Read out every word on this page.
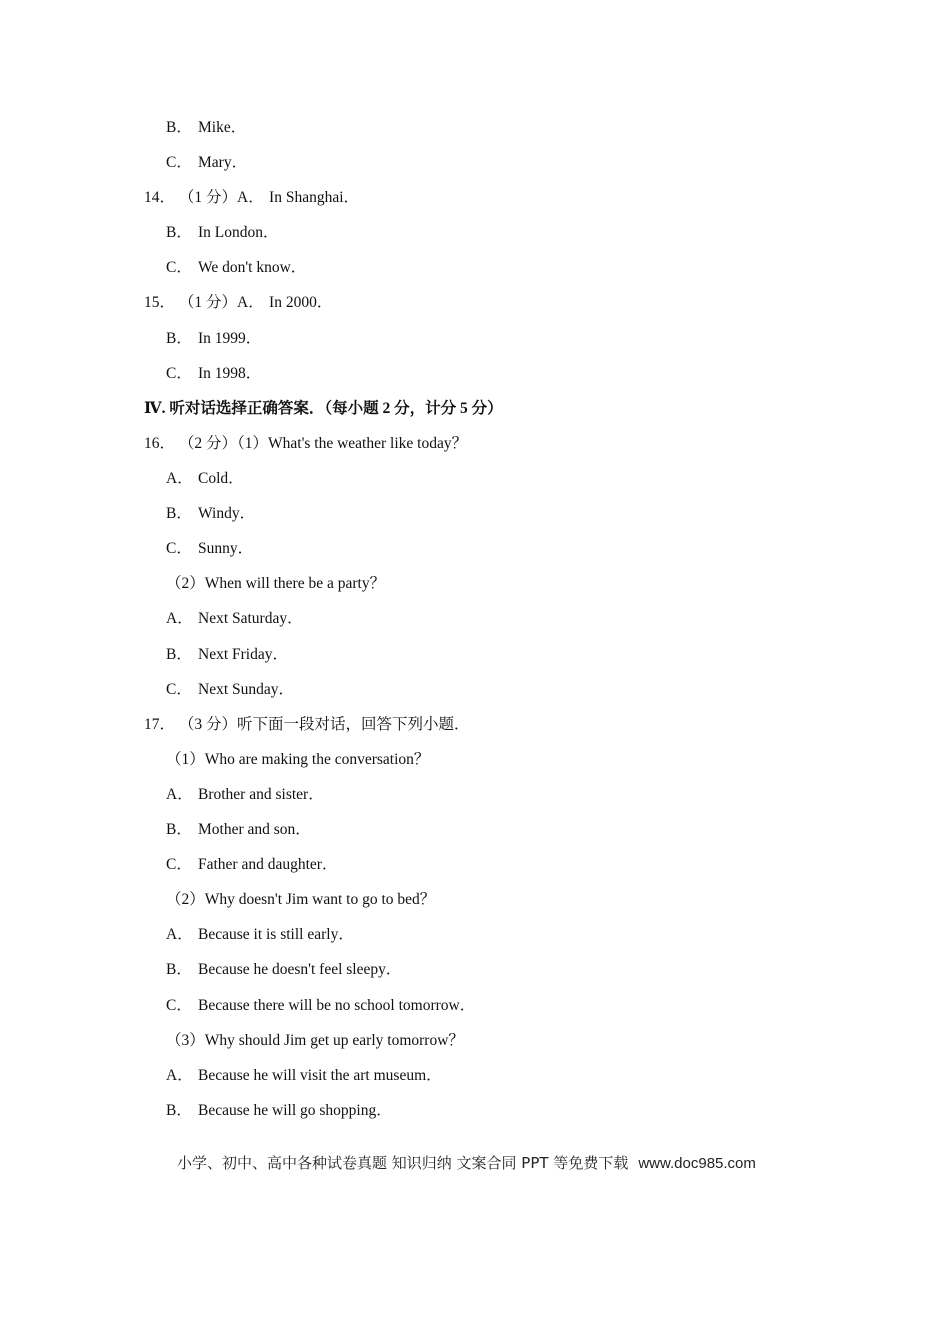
B． Mike．
C． Mary．
14． （1 分）A． In Shanghai．
B． In London．
C． We don't know．
15． （1 分）A． In 2000．
B． In 1999．
C． In 1998．
Ⅳ. 听对话选择正确答案．（每小题 2 分，计分 5 分）
16． （2 分）（1）What's the weather like today？
A． Cold．
B． Windy．
C． Sunny．
（2）When will there be a party？
A． Next Saturday．
B． Next Friday．
C． Next Sunday．
17． （3 分）听下面一段对话，回答下列小题．
（1）Who are making the conversation？
A． Brother and sister．
B． Mother and son．
C． Father and daughter．
（2）Why doesn't Jim want to go to bed？
A． Because it is still early．
B． Because he doesn't feel sleepy．
C． Because there will be no school tomorrow．
（3）Why should Jim get up early tomorrow？
A． Because he will visit the art museum．
B． Because he will go shopping．
小学、初中、高中各种试卷真题 知识归纳 文案合同 PPT 等免费下载 www.doc985.com
